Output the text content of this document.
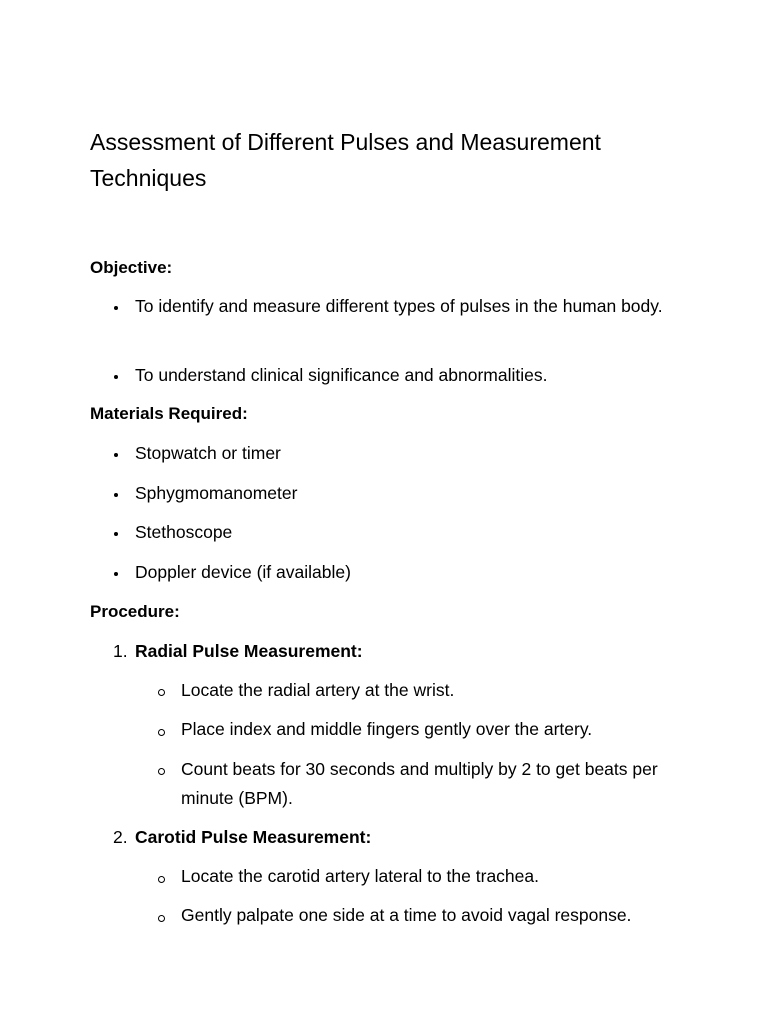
Assessment of Different Pulses and Measurement Techniques

Objective:

To identify and measure different types of pulses in the human body.

To understand clinical significance and abnormalities.

Materials Required:

Stopwatch or timer

Sphygmomanometer

Stethoscope

Doppler device (if available)

Procedure:

1. Radial Pulse Measurement:

Locate the radial artery at the wrist.

Place index and middle fingers gently over the artery.

Count beats for 30 seconds and multiply by 2 to get beats per minute (BPM).

2. Carotid Pulse Measurement:

Locate the carotid artery lateral to the trachea.

Gently palpate one side at a time to avoid vagal response.
